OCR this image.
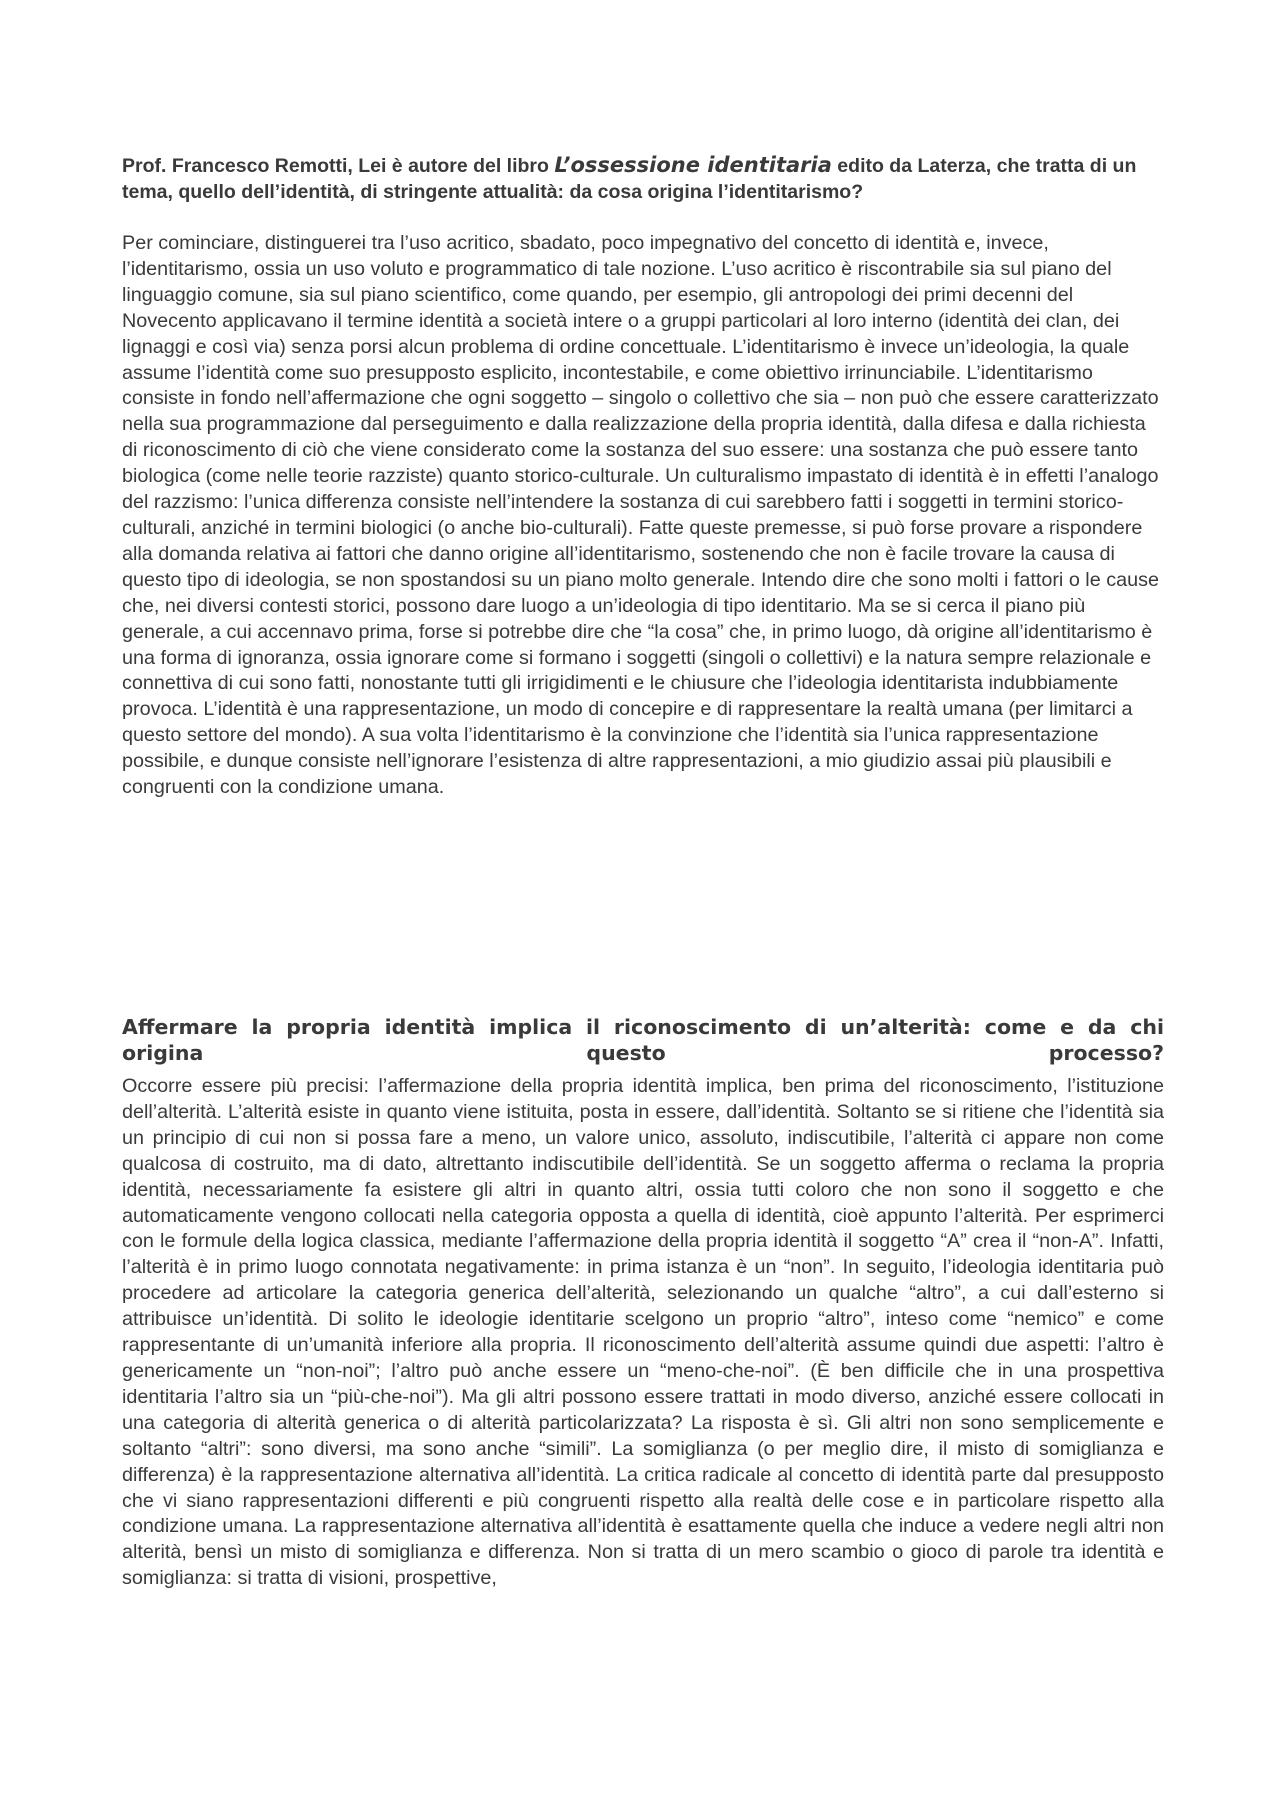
Prof. Francesco Remotti, Lei è autore del libro L’ossessione identitaria edito da Laterza, che tratta di un tema, quello dell’identità, di stringente attualità: da cosa origina l’identitarismo?

Per cominciare, distinguerei tra l’uso acritico, sbadato, poco impegnativo del concetto di identità e, invece, l’identitarismo, ossia un uso voluto e programmatico di tale nozione. L’uso acritico è riscontrabile sia sul piano del linguaggio comune, sia sul piano scientifico, come quando, per esempio, gli antropologi dei primi decenni del Novecento applicavano il termine identità a società intere o a gruppi particolari al loro interno (identità dei clan, dei lignaggi e così via) senza porsi alcun problema di ordine concettuale. L’identitarismo è invece un’ideologia, la quale assume l’identità come suo presupposto esplicito, incontestabile, e come obiettivo irrinunciabile. L’identitarismo consiste in fondo nell’affermazione che ogni soggetto – singolo o collettivo che sia – non può che essere caratterizzato nella sua programmazione dal perseguimento e dalla realizzazione della propria identità, dalla difesa e dalla richiesta di riconoscimento di ciò che viene considerato come la sostanza del suo essere: una sostanza che può essere tanto biologica (come nelle teorie razziste) quanto storico-culturale. Un culturalismo impastato di identità è in effetti l’analogo del razzismo: l’unica differenza consiste nell’intendere la sostanza di cui sarebbero fatti i soggetti in termini storico-culturali, anziché in termini biologici (o anche bio-culturali). Fatte queste premesse, si può forse provare a rispondere alla domanda relativa ai fattori che danno origine all’identitarismo, sostenendo che non è facile trovare la causa di questo tipo di ideologia, se non spostandosi su un piano molto generale. Intendo dire che sono molti i fattori o le cause che, nei diversi contesti storici, possono dare luogo a un’ideologia di tipo identitario. Ma se si cerca il piano più generale, a cui accennavo prima, forse si potrebbe dire che “la cosa” che, in primo luogo, dà origine all’identitarismo è una forma di ignoranza, ossia ignorare come si formano i soggetti (singoli o collettivi) e la natura sempre relazionale e connettiva di cui sono fatti, nonostante tutti gli irrigidimenti e le chiusure che l’ideologia identitarista indubbiamente provoca. L’identità è una rappresentazione, un modo di concepire e di rappresentare la realtà umana (per limitarci a questo settore del mondo). A sua volta l’identitarismo è la convinzione che l’identità sia l’unica rappresentazione possibile, e dunque consiste nell’ignorare l’esistenza di altre rappresentazioni, a mio giudizio assai più plausibili e congruenti con la condizione umana.

Affermare la propria identità implica il riconoscimento di un’alterità: come e da chi origina questo processo?

Occorre essere più precisi: l’affermazione della propria identità implica, ben prima del riconoscimento, l’istituzione dell’alterità. L’alterità esiste in quanto viene istituita, posta in essere, dall’identità. Soltanto se si ritiene che l’identità sia un principio di cui non si possa fare a meno, un valore unico, assoluto, indiscutibile, l’alterità ci appare non come qualcosa di costruito, ma di dato, altrettanto indiscutibile dell’identità. Se un soggetto afferma o reclama la propria identità, necessariamente fa esistere gli altri in quanto altri, ossia tutti coloro che non sono il soggetto e che automaticamente vengono collocati nella categoria opposta a quella di identità, cioè appunto l’alterità. Per esprimerci con le formule della logica classica, mediante l’affermazione della propria identità il soggetto “A” crea il “non-A”. Infatti, l’alterità è in primo luogo connotata negativamente: in prima istanza è un “non”. In seguito, l’ideologia identitaria può procedere ad articolare la categoria generica dell’alterità, selezionando un qualche “altro”, a cui dall’esterno si attribuisce un’identità. Di solito le ideologie identitarie scelgono un proprio “altro”, inteso come “nemico” e come rappresentante di un’umanità inferiore alla propria. Il riconoscimento dell’alterità assume quindi due aspetti: l’altro è genericamente un “non-noi”; l’altro può anche essere un “meno-che-noi”. (È ben difficile che in una prospettiva identitaria l’altro sia un “più-che-noi”). Ma gli altri possono essere trattati in modo diverso, anziché essere collocati in una categoria di alterità generica o di alterità particolarizzata? La risposta è sì. Gli altri non sono semplicemente e soltanto “altri”: sono diversi, ma sono anche “simili”. La somiglianza (o per meglio dire, il misto di somiglianza e differenza) è la rappresentazione alternativa all’identità. La critica radicale al concetto di identità parte dal presupposto che vi siano rappresentazioni differenti e più congruenti rispetto alla realtà delle cose e in particolare rispetto alla condizione umana. La rappresentazione alternativa all’identità è esattamente quella che induce a vedere negli altri non alterità, bensì un misto di somiglianza e differenza. Non si tratta di un mero scambio o gioco di parole tra identità e somiglianza: si tratta di visioni, prospettive,
